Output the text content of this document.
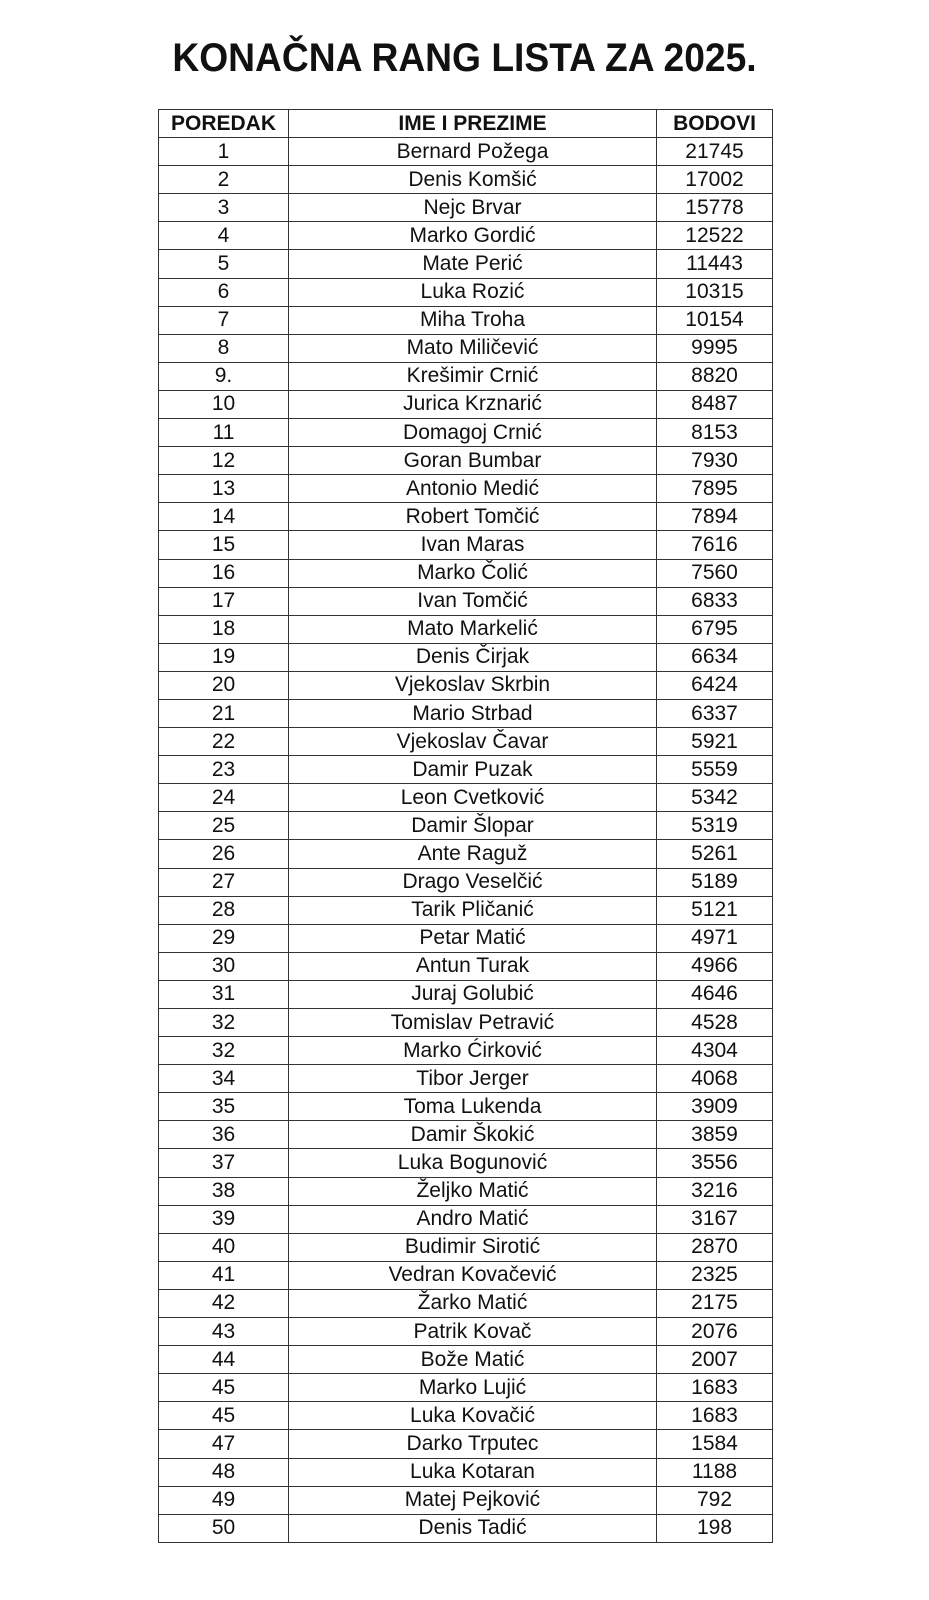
KONAČNA RANG LISTA ZA 2025.
POREDAK	IME I PREZIME	BODOVI
1	Bernard Požega	21745
2	Denis Komšić	17002
3	Nejc Brvar	15778
4	Marko Gordić	12522
5	Mate Perić	11443
6	Luka Rozić	10315
7	Miha Troha	10154
8	Mato Miličević	9995
9.	Krešimir Crnić	8820
10	Jurica Krznarić	8487
11	Domagoj Crnić	8153
12	Goran Bumbar	7930
13	Antonio Medić	7895
14	Robert Tomčić	7894
15	Ivan Maras	7616
16	Marko Čolić	7560
17	Ivan Tomčić	6833
18	Mato Markelić	6795
19	Denis Čirjak	6634
20	Vjekoslav Skrbin	6424
21	Mario Strbad	6337
22	Vjekoslav Čavar	5921
23	Damir Puzak	5559
24	Leon Cvetković	5342
25	Damir Šlopar	5319
26	Ante Raguž	5261
27	Drago Veselčić	5189
28	Tarik Pličanić	5121
29	Petar Matić	4971
30	Antun Turak	4966
31	Juraj Golubić	4646
32	Tomislav Petravić	4528
32	Marko Ćirković	4304
34	Tibor Jerger	4068
35	Toma Lukenda	3909
36	Damir Škokić	3859
37	Luka Bogunović	3556
38	Željko Matić	3216
39	Andro Matić	3167
40	Budimir Sirotić	2870
41	Vedran Kovačević	2325
42	Žarko Matić	2175
43	Patrik Kovač	2076
44	Bože Matić	2007
45	Marko Lujić	1683
45	Luka Kovačić	1683
47	Darko Trputec	1584
48	Luka Kotaran	1188
49	Matej Pejković	792
50	Denis Tadić	198
